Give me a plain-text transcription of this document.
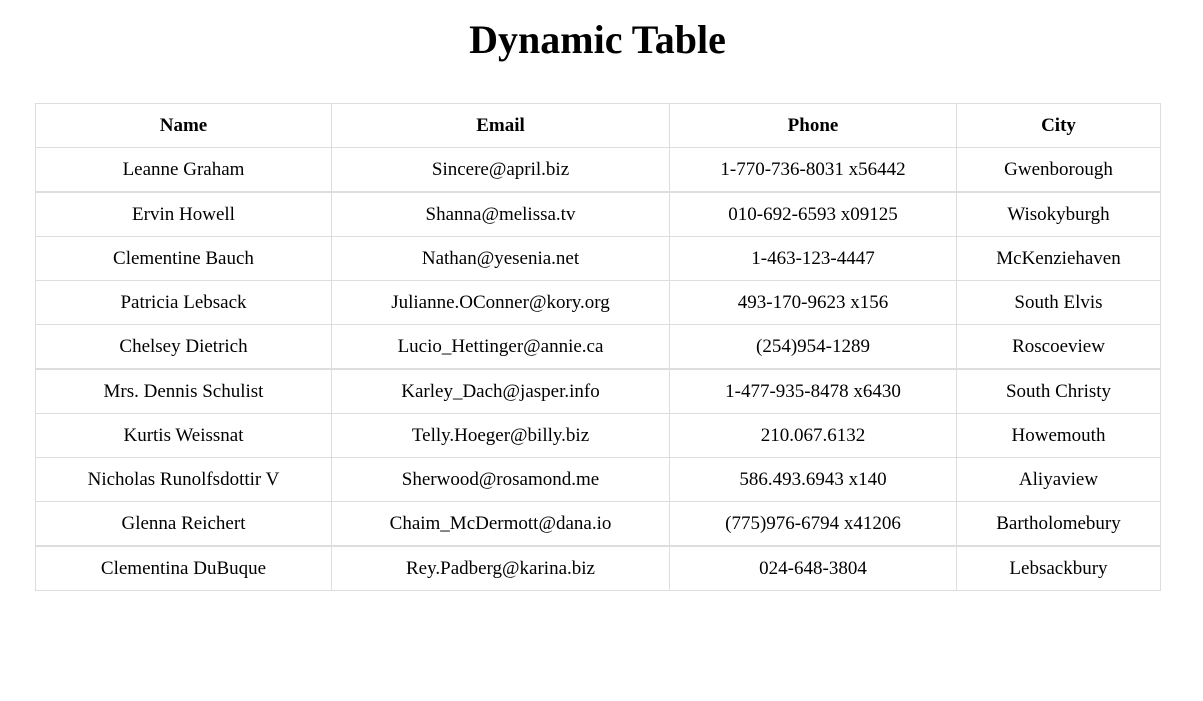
Dynamic Table
Name	Email	Phone	City
Leanne Graham	Sincere@april.biz	1-770-736-8031 x56442	Gwenborough
Ervin Howell	Shanna@melissa.tv	010-692-6593 x09125	Wisokyburgh
Clementine Bauch	Nathan@yesenia.net	1-463-123-4447	McKenziehaven
Patricia Lebsack	Julianne.OConner@kory.org	493-170-9623 x156	South Elvis
Chelsey Dietrich	Lucio_Hettinger@annie.ca	(254)954-1289	Roscoeview
Mrs. Dennis Schulist	Karley_Dach@jasper.info	1-477-935-8478 x6430	South Christy
Kurtis Weissnat	Telly.Hoeger@billy.biz	210.067.6132	Howemouth
Nicholas Runolfsdottir V	Sherwood@rosamond.me	586.493.6943 x140	Aliyaview
Glenna Reichert	Chaim_McDermott@dana.io	(775)976-6794 x41206	Bartholomebury
Clementina DuBuque	Rey.Padberg@karina.biz	024-648-3804	Lebsackbury
